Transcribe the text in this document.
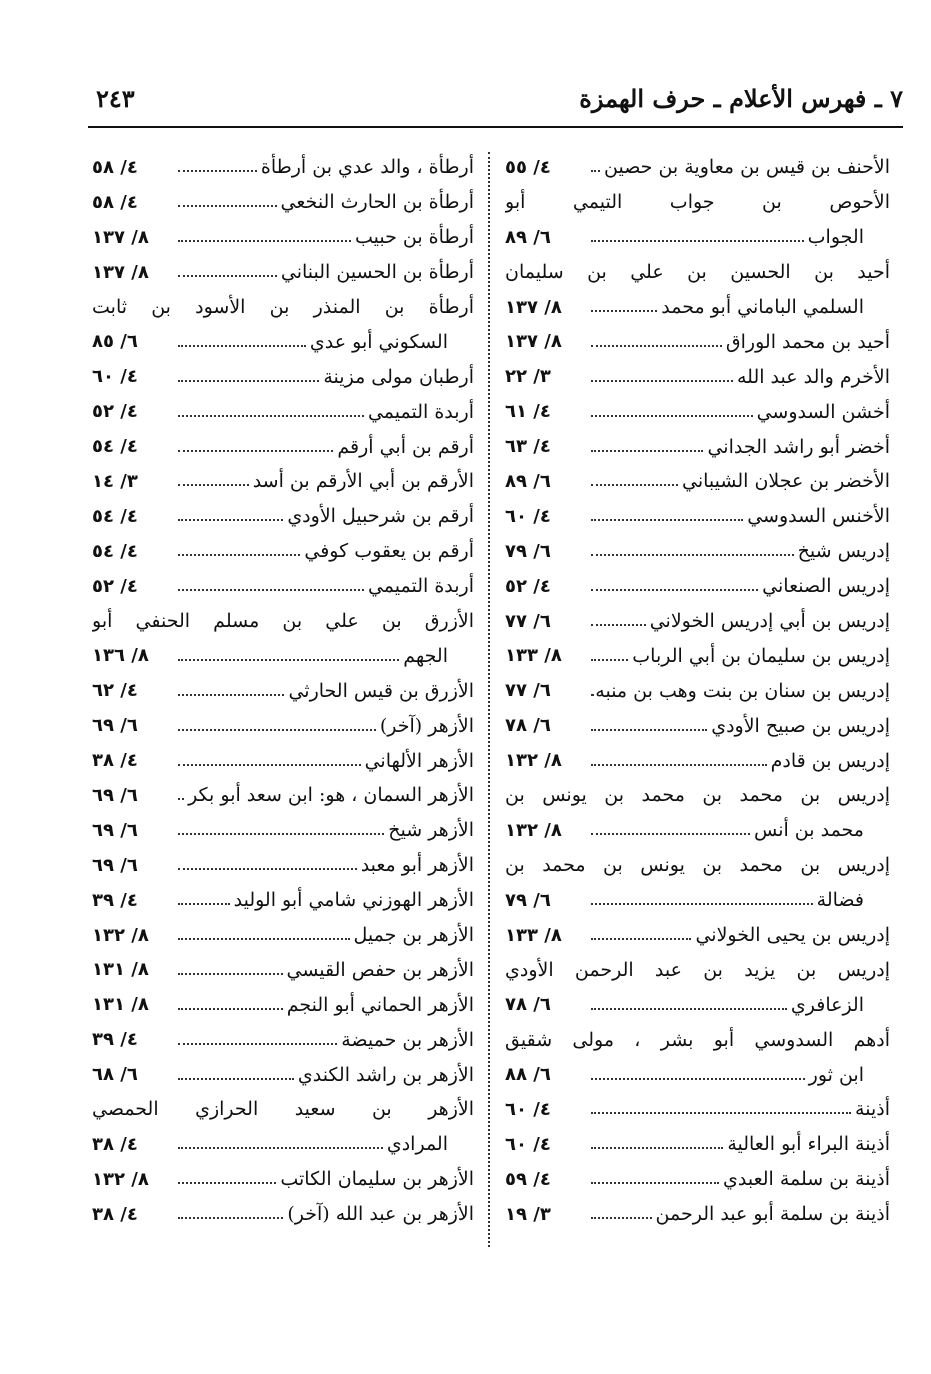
٧ ـ فهرس الأعلام ـ حرف الهمزة
٢٤٣
الأحنف بن قيس بن معاوية بن حصين
٤/ ٥٥
الأحوص بن جواب التيمي أبو
الجواب
٦/ ٨٩
أحيد بن الحسين بن علي بن سليمان
السلمي الباماني أبو محمد
٨/ ١٣٧
أحيد بن محمد الوراق
٨/ ١٣٧
الأخرم والد عبد الله
٣/ ٢٢
أخشن السدوسي
٤/ ٦١
أخضر أبو راشد الجداني
٤/ ٦٣
الأخضر بن عجلان الشيباني
٦/ ٨٩
الأخنس السدوسي
٤/ ٦٠
إدريس شيخ
٦/ ٧٩
إدريس الصنعاني
٤/ ٥٢
إدريس بن أبي إدريس الخولاني
٦/ ٧٧
إدريس بن سليمان بن أبي الرباب
٨/ ١٣٣
إدريس بن سنان بن بنت وهب بن منبه
٦/ ٧٧
إدريس بن صبيح الأودي
٦/ ٧٨
إدريس بن قادم
٨/ ١٣٢
إدريس بن محمد بن محمد بن يونس بن
محمد بن أنس
٨/ ١٣٢
إدريس بن محمد بن يونس بن محمد بن
فضالة
٦/ ٧٩
إدريس بن يحيى الخولاني
٨/ ١٣٣
إدريس بن يزيد بن عبد الرحمن الأودي
الزعافري
٦/ ٧٨
أدهم السدوسي أبو بشر ، مولى شقيق
ابن ثور
٦/ ٨٨
أذينة
٤/ ٦٠
أذينة البراء أبو العالية
٤/ ٦٠
أذينة بن سلمة العبدي
٤/ ٥٩
أذينة بن سلمة أبو عبد الرحمن
٣/ ١٩
أرطأة ، والد عدي بن أرطأة
٤/ ٥٨
أرطأة بن الحارث النخعي
٤/ ٥٨
أرطأة بن حبيب
٨/ ١٣٧
أرطأة بن الحسين البناني
٨/ ١٣٧
أرطأة بن المنذر بن الأسود بن ثابت
السكوني أبو عدي
٦/ ٨٥
أرطبان مولى مزينة
٤/ ٦٠
أربدة التميمي
٤/ ٥٢
أرقم بن أبي أرقم
٤/ ٥٤
الأرقم بن أبي الأرقم بن أسد
٣/ ١٤
أرقم بن شرحبيل الأودي
٤/ ٥٤
أرقم بن يعقوب كوفي
٤/ ٥٤
أربدة التميمي
٤/ ٥٢
الأزرق بن علي بن مسلم الحنفي أبو
الجهم
٨/ ١٣٦
الأزرق بن قيس الحارثي
٤/ ٦٢
الأزهر (آخر)
٦/ ٦٩
الأزهر الألهاني
٤/ ٣٨
الأزهر السمان ، هو: ابن سعد أبو بكر
٦/ ٦٩
الأزهر شيخ
٦/ ٦٩
الأزهر أبو معبد
٦/ ٦٩
الأزهر الهوزني شامي أبو الوليد
٤/ ٣٩
الأزهر بن جميل
٨/ ١٣٢
الأزهر بن حفص القيسي
٨/ ١٣١
الأزهر الحماني أبو النجم
٨/ ١٣١
الأزهر بن حميضة
٤/ ٣٩
الأزهر بن راشد الكندي
٦/ ٦٨
الأزهر بن سعيد الحرازي الحمصي
المرادي
٤/ ٣٨
الأزهر بن سليمان الكاتب
٨/ ١٣٢
الأزهر بن عبد الله (آخر)
٤/ ٣٨
